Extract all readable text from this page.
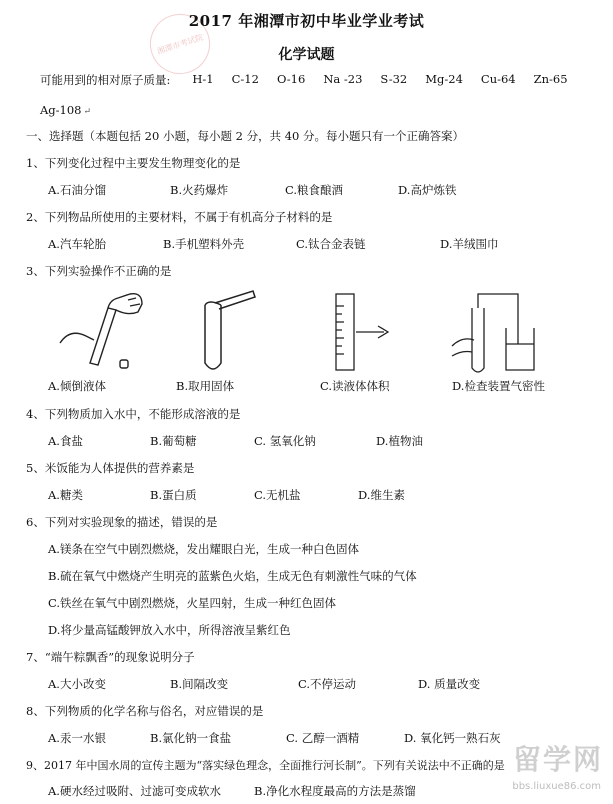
湘潭市考试院
2017 年湘潭市初中毕业学业考试
化学试题
可能用到的相对原子质量: H-1 C-12 O-16 Na -23 S-32 Mg-24 Cu-64 Zn-65
Ag-108 ↵
一、选择题（本题包括 20 小题，每小题 2 分，共 40 分。每小题只有一个正确答案）
1、下列变化过程中主要发生物理变化的是
A.石油分馏	B.火药爆炸	C.粮食酿酒	D.高炉炼铁
2、下列物品所使用的主要材料，不属于有机高分子材料的是
A.汽车轮胎	B.手机塑料外壳	C.钛合金表链	D.羊绒围巾
3、下列实验操作不正确的是
A.倾倒液体	B.取用固体	C.读液体体积	D.检查装置气密性
4、下列物质加入水中，不能形成溶液的是
A.食盐	B.葡萄糖	C. 氢氧化钠	D.植物油
5、米饭能为人体提供的营养素是
A.糖类	B.蛋白质	C.无机盐	D.维生素
6、下列对实验现象的描述，错误的是
A.镁条在空气中剧烈燃烧，发出耀眼白光，生成一种白色固体
B.硫在氧气中燃烧产生明亮的蓝紫色火焰，生成无色有刺激性气味的气体
C.铁丝在氧气中剧烈燃烧，火星四射，生成一种红色固体
D.将少量高锰酸钾放入水中，所得溶液呈紫红色
7、“端午粽飘香”的现象说明分子
A.大小改变	B.间隔改变	C.不停运动	D. 质量改变
8、下列物质的化学名称与俗名，对应错误的是
A.汞一水银	B.氯化钠一食盐	C. 乙醇一酒精	D. 氧化钙一熟石灰
9、2017 年中国水周的宣传主题为“落实绿色理念，全面推行河长制”。下列有关说法中不正确的是
A.硬水经过吸附、过滤可变成软水	B.净化水程度最高的方法是蒸馏
留学网
bbs.liuxue86.com
